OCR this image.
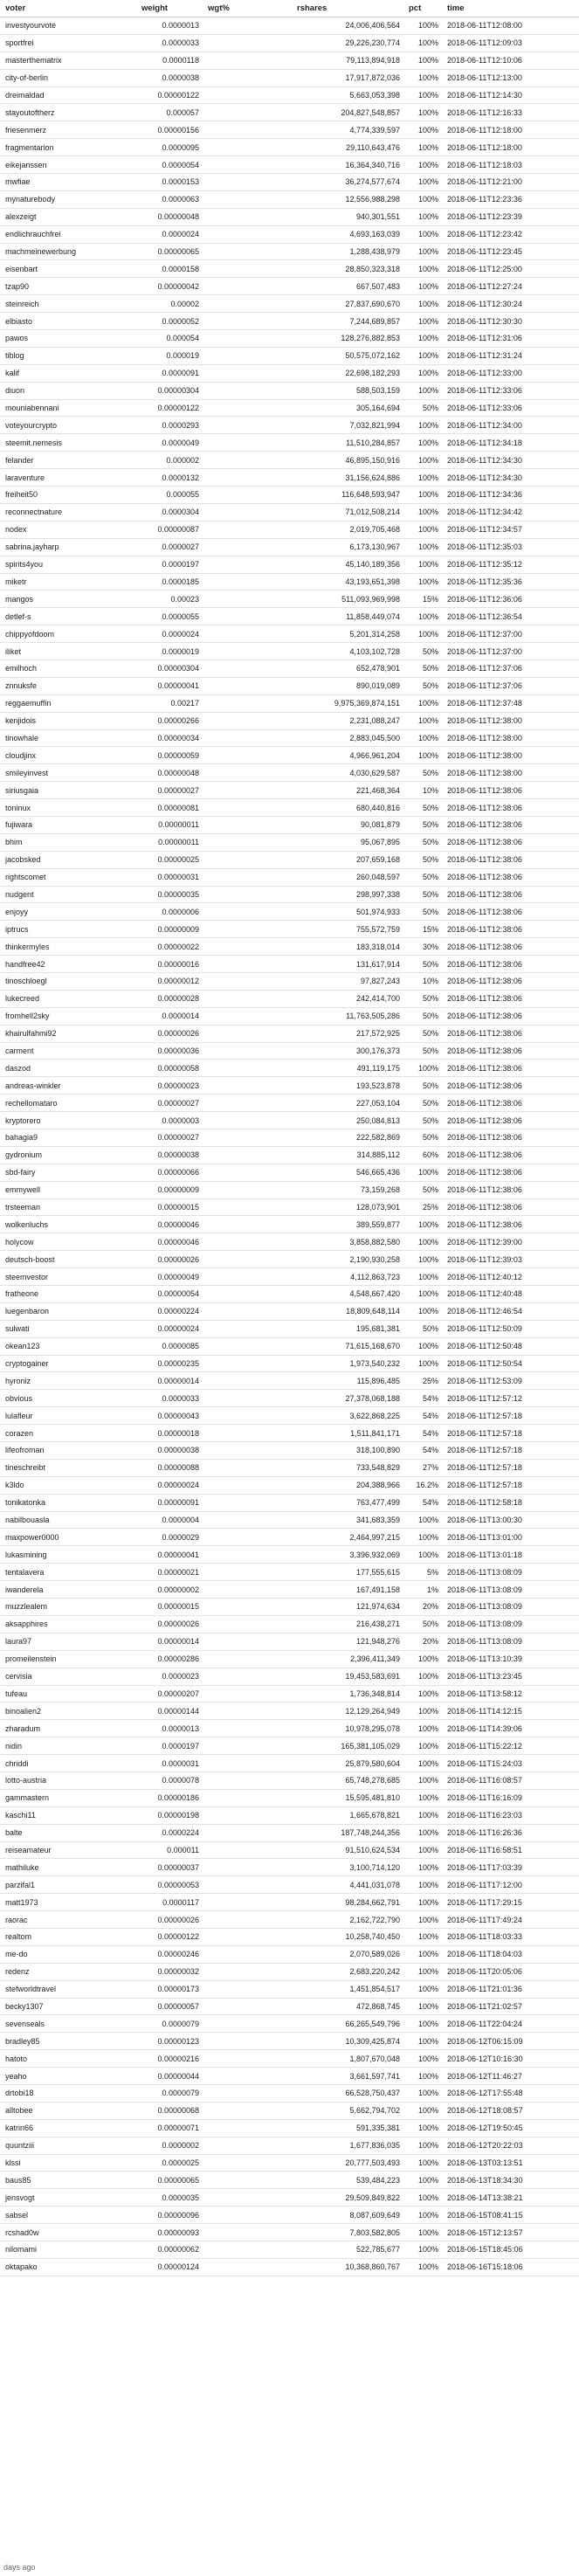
voter	weight	wgt%	rshares	pct	time
investyourvote	0.0000013		24,006,406,564	100%	2018-06-11T12:08:00
sportfrei	0.0000033		29,226,230,774	100%	2018-06-11T12:09:03
masterthematrix	0.0000118		79,113,894,918	100%	2018-06-11T12:10:06
city-of-berlin	0.0000038		17,917,872,036	100%	2018-06-11T12:13:00
dreimaldad	0.00000122		5,663,053,398	100%	2018-06-11T12:14:30
stayoutoftherz	0.000057		204,827,548,857	100%	2018-06-11T12:16:33
friesenmerz	0.00000156		4,774,339,597	100%	2018-06-11T12:18:00
fragmentarion	0.0000095		29,110,643,476	100%	2018-06-11T12:18:00
eikejanssen	0.0000054		16,364,340,716	100%	2018-06-11T12:18:03
mwfiae	0.0000153		36,274,577,674	100%	2018-06-11T12:21:00
mynaturebody	0.0000063		12,556,988,298	100%	2018-06-11T12:23:36
alexzeigt	0.00000048		940,301,551	100%	2018-06-11T12:23:39
endlichrauchfrei	0.0000024		4,693,163,039	100%	2018-06-11T12:23:42
machmeinewerbung	0.00000065		1,288,438,979	100%	2018-06-11T12:23:45
eisenbart	0.0000158		28,850,323,318	100%	2018-06-11T12:25:00
tzap90	0.00000042		667,507,483	100%	2018-06-11T12:27:24
steinreich	0.00002		27,837,690,670	100%	2018-06-11T12:30:24
elbiasto	0.0000052		7,244,689,857	100%	2018-06-11T12:30:30
pawos	0.000054		128,276,882,853	100%	2018-06-11T12:31:06
tiblog	0.000019		50,575,072,162	100%	2018-06-11T12:31:24
kalif	0.0000091		22,698,182,293	100%	2018-06-11T12:33:00
diuon	0.00000304		588,503,159	100%	2018-06-11T12:33:06
mouniabennani	0.00000122		305,164,694	50%	2018-06-11T12:33:06
voteyourcrypto	0.0000293		7,032,821,994	100%	2018-06-11T12:34:00
steemit.nemesis	0.0000049		11,510,284,857	100%	2018-06-11T12:34:18
felander	0.000002		46,895,150,916	100%	2018-06-11T12:34:30
laraventure	0.0000132		31,156,624,886	100%	2018-06-11T12:34:30
freiheit50	0.000055		116,648,593,947	100%	2018-06-11T12:34:36
reconnectnature	0.0000304		71,012,508,214	100%	2018-06-11T12:34:42
nodex	0.00000087		2,019,705,468	100%	2018-06-11T12:34:57
sabrina.jayharp	0.0000027		6,173,130,967	100%	2018-06-11T12:35:03
spirits4you	0.0000197		45,140,189,356	100%	2018-06-11T12:35:12
miketr	0.0000185		43,193,651,398	100%	2018-06-11T12:35:36
mangos	0.00023		511,093,969,998	15%	2018-06-11T12:36:06
detlef-s	0.0000055		11,858,449,074	100%	2018-06-11T12:36:54
chippyofdoom	0.0000024		5,201,314,258	100%	2018-06-11T12:37:00
iliket	0.0000019		4,103,102,728	50%	2018-06-11T12:37:00
emilhoch	0.00000304		652,478,901	50%	2018-06-11T12:37:06
znnuksfe	0.00000041		890,019,089	50%	2018-06-11T12:37:06
reggaemuffin	0.00217		9,975,369,874,151	100%	2018-06-11T12:37:48
kenjidois	0.00000266		2,231,088,247	100%	2018-06-11T12:38:00
tinowhale	0.00000034		2,883,045,500	100%	2018-06-11T12:38:00
cloudjinx	0.00000059		4,966,961,204	100%	2018-06-11T12:38:00
smileyinvest	0.00000048		4,030,629,587	50%	2018-06-11T12:38:00
siriusgaia	0.00000027		221,468,364	10%	2018-06-11T12:38:06
toninux	0.00000081		680,440,816	50%	2018-06-11T12:38:06
fujiwara	0.00000011		90,081,879	50%	2018-06-11T12:38:06
bhim	0.00000011		95,067,895	50%	2018-06-11T12:38:06
jacobsked	0.00000025		207,659,168	50%	2018-06-11T12:38:06
rightscomet	0.00000031		260,048,597	50%	2018-06-11T12:38:06
nudgent	0.00000035		298,997,338	50%	2018-06-11T12:38:06
enjoyy	0.0000006		501,974,933	50%	2018-06-11T12:38:06
iptrucs	0.00000009		755,572,759	15%	2018-06-11T12:38:06
thinkermyles	0.00000022		183,318,014	30%	2018-06-11T12:38:06
handfree42	0.00000016		131,617,914	50%	2018-06-11T12:38:06
tinoschloegl	0.00000012		97,827,243	10%	2018-06-11T12:38:06
lukecreed	0.00000028		242,414,700	50%	2018-06-11T12:38:06
fromhell2sky	0.0000014		11,763,505,286	50%	2018-06-11T12:38:06
khairulfahmi92	0.00000026		217,572,925	50%	2018-06-11T12:38:06
carment	0.00000036		300,176,373	50%	2018-06-11T12:38:06
daszod	0.00000058		491,119,175	100%	2018-06-11T12:38:06
andreas-winkler	0.00000023		193,523,878	50%	2018-06-11T12:38:06
rechellomataro	0.00000027		227,053,104	50%	2018-06-11T12:38:06
kryptorero	0.0000003		250,084,813	50%	2018-06-11T12:38:06
bahagia9	0.00000027		222,582,869	50%	2018-06-11T12:38:06
gydronium	0.00000038		314,885,112	60%	2018-06-11T12:38:06
sbd-fairy	0.00000066		546,665,436	100%	2018-06-11T12:38:06
emmywell	0.00000009		73,159,268	50%	2018-06-11T12:38:06
trsteeman	0.00000015		128,073,901	25%	2018-06-11T12:38:06
wolkenluchs	0.00000046		389,559,877	100%	2018-06-11T12:38:06
holycow	0.00000046		3,858,882,580	100%	2018-06-11T12:39:00
deutsch-boost	0.00000026		2,190,930,258	100%	2018-06-11T12:39:03
steemvestor	0.00000049		4,112,863,723	100%	2018-06-11T12:40:12
fratheone	0.00000054		4,548,667,420	100%	2018-06-11T12:40:48
luegenbaron	0.00000224		18,809,648,114	100%	2018-06-11T12:46:54
sulwati	0.00000024		195,681,381	50%	2018-06-11T12:50:09
okean123	0.0000085		71,615,168,670	100%	2018-06-11T12:50:48
cryptogainer	0.00000235		1,973,540,232	100%	2018-06-11T12:50:54
hyroniz	0.00000014		115,896,485	25%	2018-06-11T12:53:09
obvious	0.0000033		27,378,068,188	54%	2018-06-11T12:57:12
lulafleur	0.00000043		3,622,868,225	54%	2018-06-11T12:57:18
corazen	0.00000018		1,511,841,171	54%	2018-06-11T12:57:18
lifeofroman	0.00000038		318,100,890	54%	2018-06-11T12:57:18
tineschreibt	0.00000088		733,548,829	27%	2018-06-11T12:57:18
k3ldo	0.00000024		204,388,966	16.2%	2018-06-11T12:57:18
tonikatonka	0.00000091		763,477,499	54%	2018-06-11T12:58:18
nabilbouasla	0.0000004		341,683,359	100%	2018-06-11T13:00:30
maxpower0000	0.0000029		2,464,997,215	100%	2018-06-11T13:01:00
lukasmining	0.00000041		3,396,932,069	100%	2018-06-11T13:01:18
tentalavera	0.00000021		177,555,615	5%	2018-06-11T13:08:09
iwanderela	0.00000002		167,491,158	1%	2018-06-11T13:08:09
muzzlealem	0.00000015		121,974,634	20%	2018-06-11T13:08:09
aksapphires	0.00000026		216,438,271	50%	2018-06-11T13:08:09
laura97	0.00000014		121,948,276	20%	2018-06-11T13:08:09
promeilenstein	0.00000286		2,396,411,349	100%	2018-06-11T13:10:39
cervisia	0.0000023		19,453,583,691	100%	2018-06-11T13:23:45
tufeau	0.00000207		1,736,348,814	100%	2018-06-11T13:58:12
binoalien2	0.00000144		12,129,264,949	100%	2018-06-11T14:12:15
zharadum	0.0000013		10,978,295,078	100%	2018-06-11T14:39:06
nidin	0.0000197		165,381,105,029	100%	2018-06-11T15:22:12
chriddi	0.0000031		25,879,580,604	100%	2018-06-11T15:24:03
lotto-austria	0.0000078		65,748,278,685	100%	2018-06-11T16:08:57
gammastern	0.00000186		15,595,481,810	100%	2018-06-11T16:16:09
kaschi11	0.00000198		1,665,678,821	100%	2018-06-11T16:23:03
balte	0.0000224		187,748,244,356	100%	2018-06-11T16:26:36
reiseamateur	0.000011		91,510,624,534	100%	2018-06-11T16:58:51
mathiluke	0.00000037		3,100,714,120	100%	2018-06-11T17:03:39
parzifal1	0.00000053		4,441,031,078	100%	2018-06-11T17:12:00
matt1973	0.0000117		98,284,662,791	100%	2018-06-11T17:29:15
raorac	0.00000026		2,162,722,790	100%	2018-06-11T17:49:24
realtom	0.00000122		10,258,740,450	100%	2018-06-11T18:03:33
me-do	0.00000246		2,070,589,026	100%	2018-06-11T18:04:03
redenz	0.00000032		2,683,220,242	100%	2018-06-11T20:05:06
stefworldtravel	0.00000173		1,451,854,517	100%	2018-06-11T21:01:36
becky1307	0.00000057		472,868,745	100%	2018-06-11T21:02:57
sevenseals	0.0000079		66,265,549,796	100%	2018-06-11T22:04:24
bradley85	0.00000123		10,309,425,874	100%	2018-06-12T06:15:09
hatoto	0.00000216		1,807,670,048	100%	2018-06-12T10:16:30
yeaho	0.00000044		3,661,597,741	100%	2018-06-12T11:46:27
drtobi18	0.0000079		66,528,750,437	100%	2018-06-12T17:55:48
alltobee	0.00000068		5,662,794,702	100%	2018-06-12T18:08:57
katrin66	0.00000071		591,335,381	100%	2018-06-12T19:50:45
quuntziii	0.0000002		1,677,836,035	100%	2018-06-12T20:22:03
klssi	0.0000025		20,777,503,493	100%	2018-06-13T03:13:51
baus85	0.00000065		539,484,223	100%	2018-06-13T18:34:30
jensvogt	0.0000035		29,509,849,822	100%	2018-06-14T13:38:21
sabsel	0.00000096		8,087,609,649	100%	2018-06-15T08:41:15
rcshad0w	0.00000093		7,803,582,805	100%	2018-06-15T12:13:57
nilomami	0.00000062		522,785,677	100%	2018-06-15T18:45:06
oktapako	0.00000124		10,368,860,767	100%	2018-06-16T15:18:06
days ago
